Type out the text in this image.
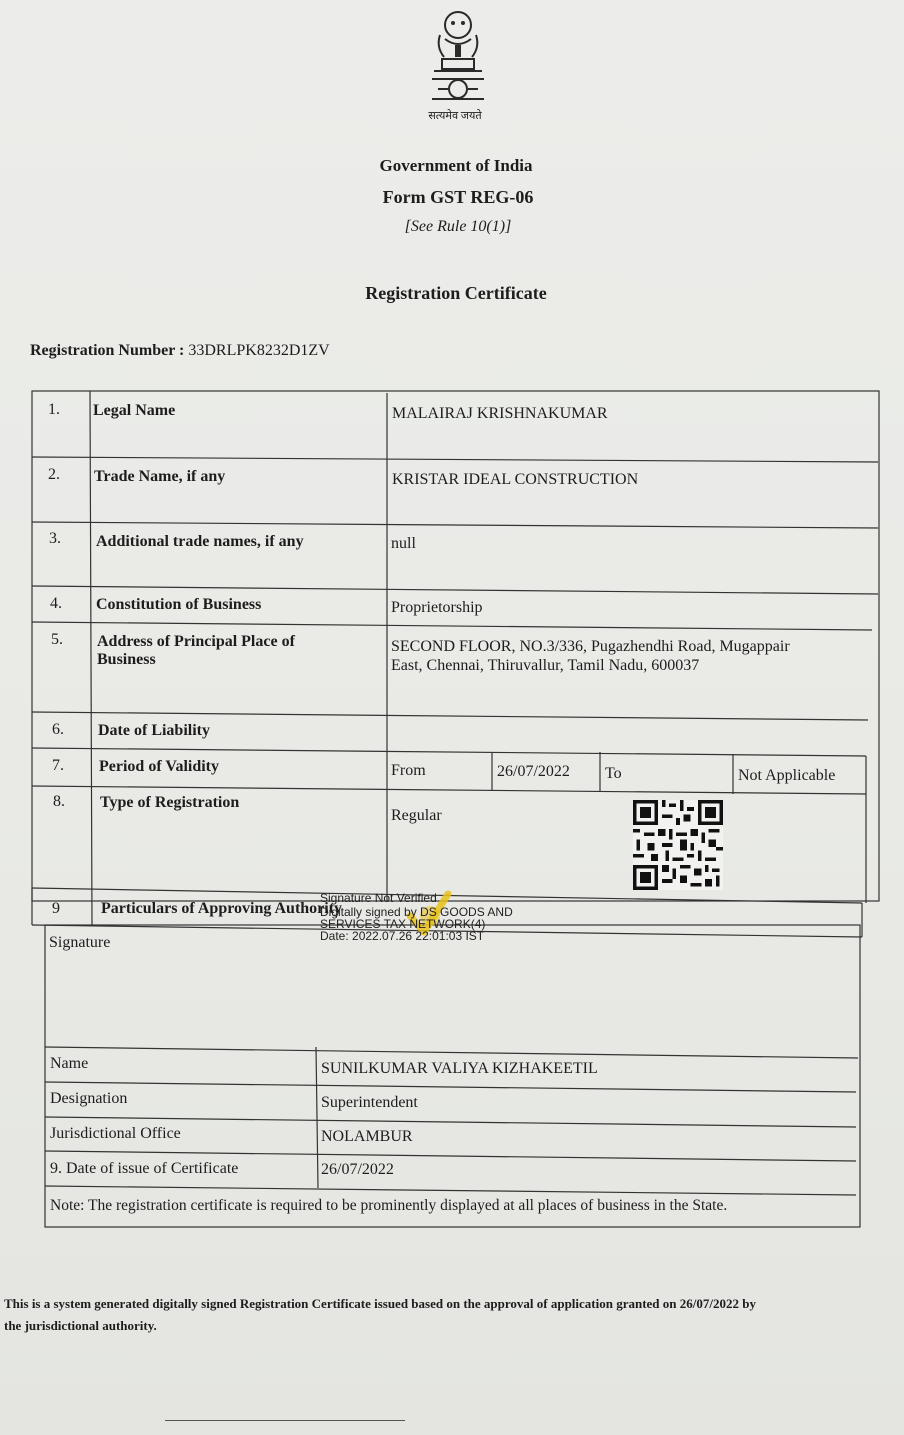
सत्यमेव जयते
Government of India
Form GST REG-06
[See Rule 10(1)]
Registration Certificate
Registration Number : 33DRLPK8232D1ZV
1. Legal Name	MALAIRAJ KRISHNAKUMAR
2. Trade Name, if any	KRISTAR IDEAL CONSTRUCTION
3. Additional trade names, if any	null
4. Constitution of Business	Proprietorship
5. Address of Principal Place of
Business
SECOND FLOOR, NO.3/336, Pugazhendhi Road, Mugappair
East, Chennai, Thiruvallur, Tamil Nadu, 600037
6. Date of Liability
7. Period of Validity	From	26/07/2022 To	Not Applicable
8. Type of Registration
Regular
9	Particulars of Approving Authority
Signature Not Verified
Digitally signed by DS GOODS AND
SERVICES TAX NETWORK(4)
Date: 2022.07.26 22:01:03 IST
Signature
Name	SUNILKUMAR VALIYA KIZHAKEETIL
Designation	Superintendent
Jurisdictional Office	NOLAMBUR
9. Date of issue of Certificate	26/07/2022
Note: The registration certificate is required to be prominently displayed at all places of business in the State.
This is a system generated digitally signed Registration Certificate issued based on the approval of application granted on 26/07/2022 by
the jurisdictional authority.
